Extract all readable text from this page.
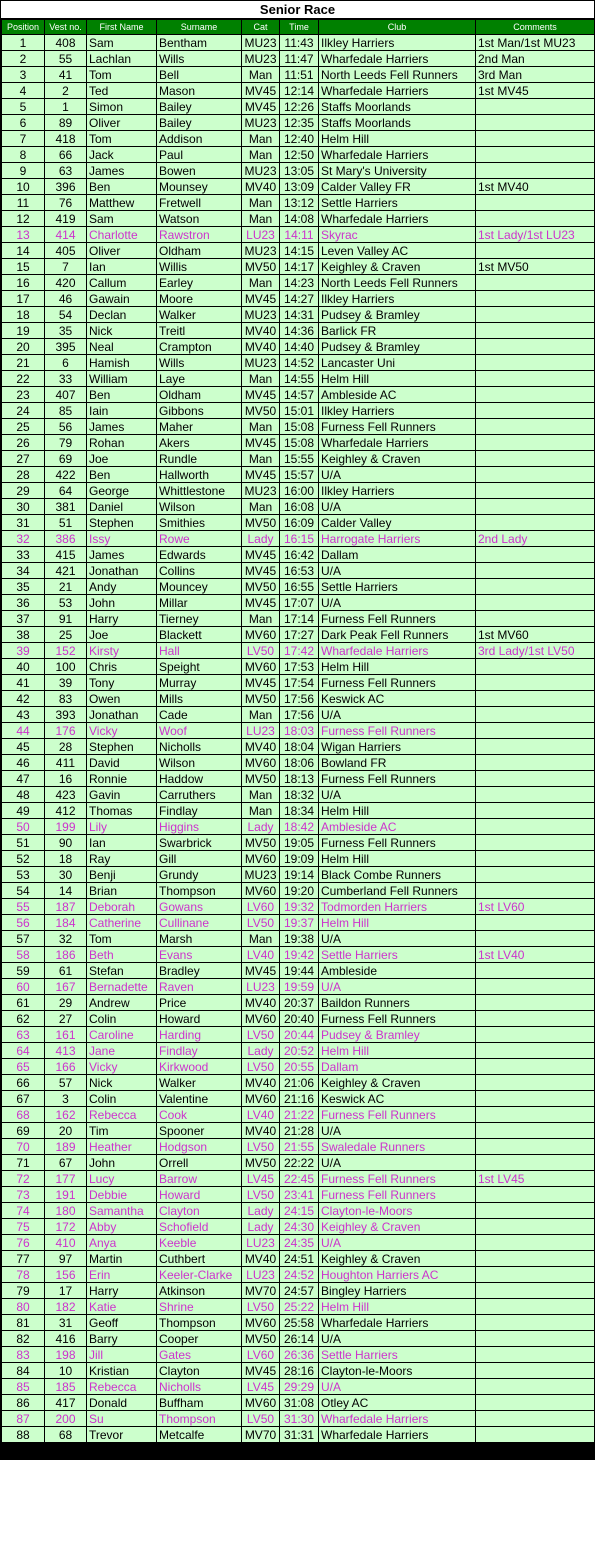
Senior Race
Position	Vest no.	First Name	Surname	Cat	Time	Club	Comments
1	408	Sam	Bentham	MU23	11:43	Ilkley Harriers	1st Man/1st MU23
2	55	Lachlan	Wills	MU23	11:47	Wharfedale Harriers	2nd Man
3	41	Tom	Bell	Man	11:51	North Leeds Fell Runners	3rd Man
4	2	Ted	Mason	MV45	12:14	Wharfedale Harriers	1st MV45
5	1	Simon	Bailey	MV45	12:26	Staffs Moorlands	
6	89	Oliver	Bailey	MU23	12:35	Staffs Moorlands	
7	418	Tom	Addison	Man	12:40	Helm Hill	
8	66	Jack	Paul	Man	12:50	Wharfedale Harriers	
9	63	James	Bowen	MU23	13:05	St Mary's University	
10	396	Ben	Mounsey	MV40	13:09	Calder Valley FR	1st MV40
11	76	Matthew	Fretwell	Man	13:12	Settle Harriers	
12	419	Sam	Watson	Man	14:08	Wharfedale Harriers	
13	414	Charlotte	Rawstron	LU23	14:11	Skyrac	1st Lady/1st LU23
14	405	Oliver	Oldham	MU23	14:15	Leven Valley AC	
15	7	Ian	Willis	MV50	14:17	Keighley & Craven	1st MV50
16	420	Callum	Earley	Man	14:23	North Leeds Fell Runners	
17	46	Gawain	Moore	MV45	14:27	Ilkley Harriers	
18	54	Declan	Walker	MU23	14:31	Pudsey & Bramley	
19	35	Nick	Treitl	MV40	14:36	Barlick FR	
20	395	Neal	Crampton	MV40	14:40	Pudsey & Bramley	
21	6	Hamish	Wills	MU23	14:52	Lancaster Uni	
22	33	William	Laye	Man	14:55	Helm Hill	
23	407	Ben	Oldham	MV45	14:57	Ambleside AC	
24	85	Iain	Gibbons	MV50	15:01	Ilkley Harriers	
25	56	James	Maher	Man	15:08	Furness Fell Runners	
26	79	Rohan	Akers	MV45	15:08	Wharfedale Harriers	
27	69	Joe	Rundle	Man	15:55	Keighley & Craven	
28	422	Ben	Hallworth	MV45	15:57	U/A	
29	64	George	Whittlestone	MU23	16:00	Ilkley Harriers	
30	381	Daniel	Wilson	Man	16:08	U/A	
31	51	Stephen	Smithies	MV50	16:09	Calder Valley	
32	386	Issy	Rowe	Lady	16:15	Harrogate Harriers	2nd Lady
33	415	James	Edwards	MV45	16:42	Dallam	
34	421	Jonathan	Collins	MV45	16:53	U/A	
35	21	Andy	Mouncey	MV50	16:55	Settle Harriers	
36	53	John	Millar	MV45	17:07	U/A	
37	91	Harry	Tierney	Man	17:14	Furness Fell Runners	
38	25	Joe	Blackett	MV60	17:27	Dark Peak Fell Runners	1st MV60
39	152	Kirsty	Hall	LV50	17:42	Wharfedale Harriers	3rd Lady/1st LV50
40	100	Chris	Speight	MV60	17:53	Helm Hill	
41	39	Tony	Murray	MV45	17:54	Furness Fell Runners	
42	83	Owen	Mills	MV50	17:56	Keswick AC	
43	393	Jonathan	Cade	Man	17:56	U/A	
44	176	Vicky	Woof	LU23	18:03	Furness Fell Runners	
45	28	Stephen	Nicholls	MV40	18:04	Wigan Harriers	
46	411	David	Wilson	MV60	18:06	Bowland FR	
47	16	Ronnie	Haddow	MV50	18:13	Furness Fell Runners	
48	423	Gavin	Carruthers	Man	18:32	U/A	
49	412	Thomas	Findlay	Man	18:34	Helm Hill	
50	199	Lily	Higgins	Lady	18:42	Ambleside AC	
51	90	Ian	Swarbrick	MV50	19:05	Furness Fell Runners	
52	18	Ray	Gill	MV60	19:09	Helm Hill	
53	30	Benji	Grundy	MU23	19:14	Black Combe Runners	
54	14	Brian	Thompson	MV60	19:20	Cumberland Fell Runners	
55	187	Deborah	Gowans	LV60	19:32	Todmorden Harriers	1st LV60
56	184	Catherine	Cullinane	LV50	19:37	Helm Hill	
57	32	Tom	Marsh	Man	19:38	U/A	
58	186	Beth	Evans	LV40	19:42	Settle Harriers	1st LV40
59	61	Stefan	Bradley	MV45	19:44	Ambleside	
60	167	Bernadette	Raven	LU23	19:59	U/A	
61	29	Andrew	Price	MV40	20:37	Baildon Runners	
62	27	Colin	Howard	MV60	20:40	Furness Fell Runners	
63	161	Caroline	Harding	LV50	20:44	Pudsey & Bramley	
64	413	Jane	Findlay	Lady	20:52	Helm Hill	
65	166	Vicky	Kirkwood	LV50	20:55	Dallam	
66	57	Nick	Walker	MV40	21:06	Keighley & Craven	
67	3	Colin	Valentine	MV60	21:16	Keswick AC	
68	162	Rebecca	Cook	LV40	21:22	Furness Fell Runners	
69	20	Tim	Spooner	MV40	21:28	U/A	
70	189	Heather	Hodgson	LV50	21:55	Swaledale Runners	
71	67	John	Orrell	MV50	22:22	U/A	
72	177	Lucy	Barrow	LV45	22:45	Furness Fell Runners	1st LV45
73	191	Debbie	Howard	LV50	23:41	Furness Fell Runners	
74	180	Samantha	Clayton	Lady	24:15	Clayton-le-Moors	
75	172	Abby	Schofield	Lady	24:30	Keighley & Craven	
76	410	Anya	Keeble	LU23	24:35	U/A	
77	97	Martin	Cuthbert	MV40	24:51	Keighley & Craven	
78	156	Erin	Keeler-Clarke	LU23	24:52	Houghton Harriers AC	
79	17	Harry	Atkinson	MV70	24:57	Bingley Harriers	
80	182	Katie	Shrine	LV50	25:22	Helm Hill	
81	31	Geoff	Thompson	MV60	25:58	Wharfedale Harriers	
82	416	Barry	Cooper	MV50	26:14	U/A	
83	198	Jill	Gates	LV60	26:36	Settle Harriers	
84	10	Kristian	Clayton	MV45	28:16	Clayton-le-Moors	
85	185	Rebecca	Nicholls	LV45	29:29	U/A	
86	417	Donald	Buffham	MV60	31:08	Otley AC	
87	200	Su	Thompson	LV50	31:30	Wharfedale Harriers	
88	68	Trevor	Metcalfe	MV70	31:31	Wharfedale Harriers	
